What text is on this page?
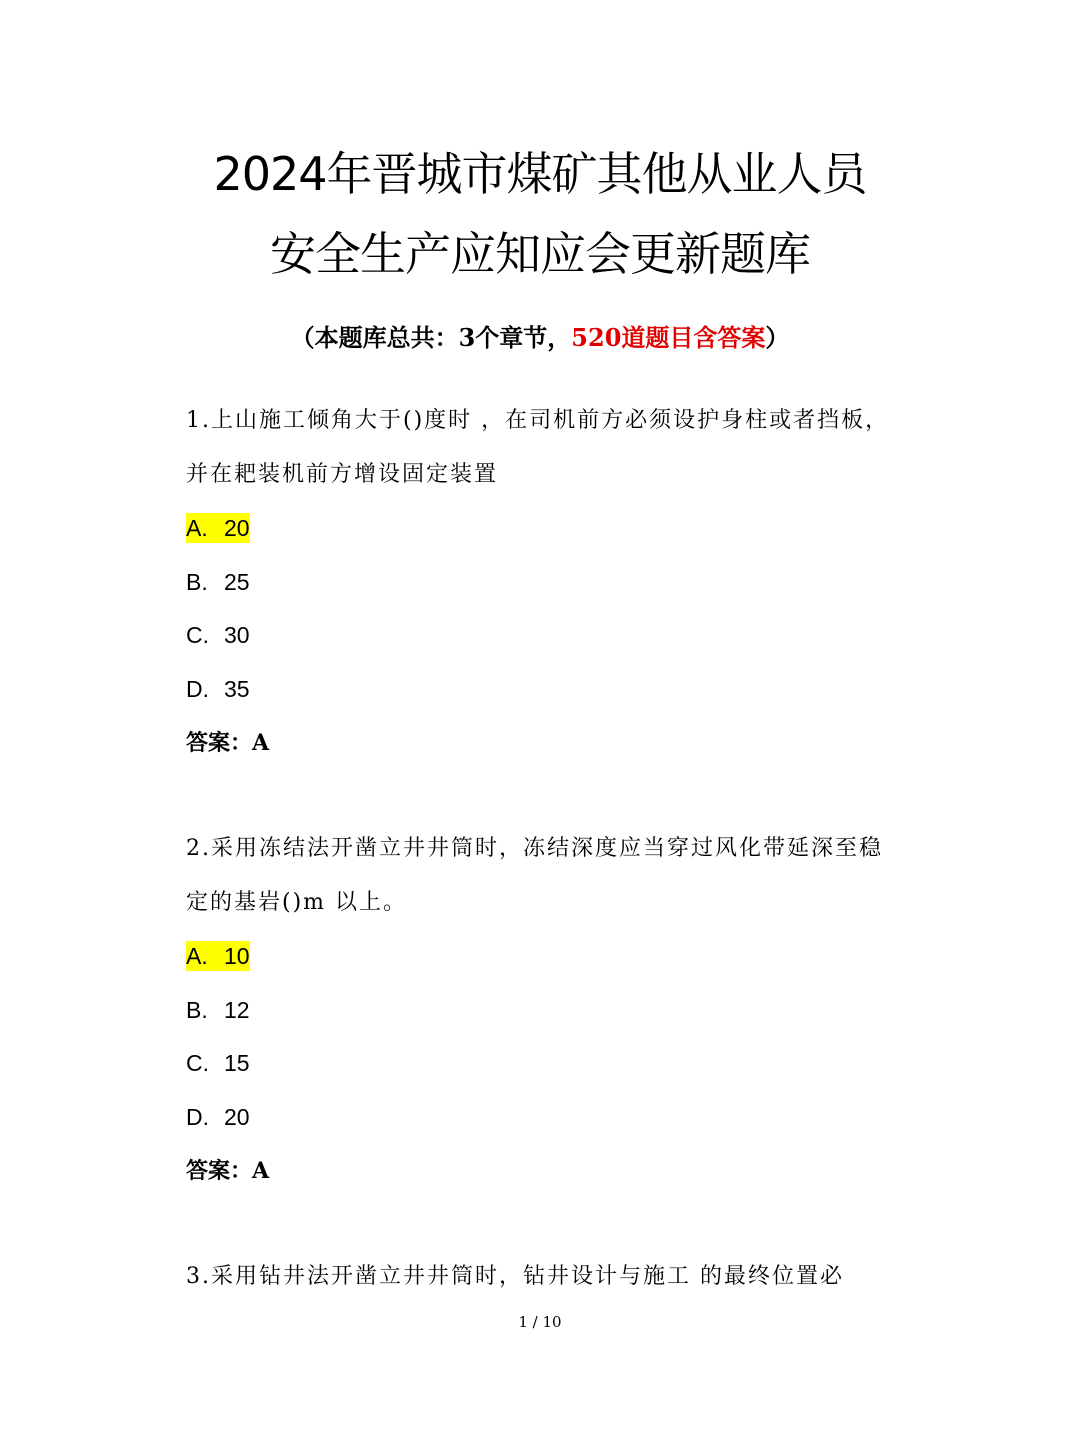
2024年晋城市煤矿其他从业人员
安全生产应知应会更新题库
（本题库总共：3个章节，520道题目含答案）
1.上山施工倾角大于()度时 ，在司机前方必须设护身柱或者挡板，并在耙装机前方增设固定装置
A. 20
B. 25
C. 30
D. 35
答案：A
2.采用冻结法开凿立井井筒时，冻结深度应当穿过风化带延深至稳定的基岩()m 以上。
A. 10
B. 12
C. 15
D. 20
答案：A
3.采用钻井法开凿立井井筒时，钻井设计与施工 的最终位置必
1 / 10
